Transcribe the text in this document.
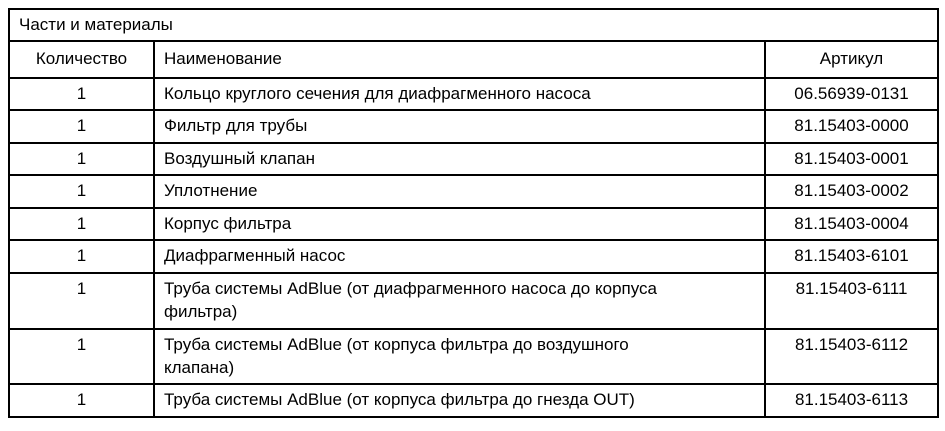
Части и материалы		
Количество	Наименование	Артикул
1	Кольцо круглого сечения для диафрагменного насоса	06.56939-0131
1	Фильтр для трубы	81.15403-0000
1	Воздушный клапан	81.15403-0001
1	Уплотнение	81.15403-0002
1	Корпус фильтра	81.15403-0004
1	Диафрагменный насос	81.15403-6101
1	Труба системы AdBlue (от диафрагменного насоса до корпуса фильтра)	81.15403-6111
1	Труба системы AdBlue (от корпуса фильтра до воздушного клапана)	81.15403-6112
1	Труба системы AdBlue (от корпуса фильтра до гнезда OUT)	81.15403-6113
